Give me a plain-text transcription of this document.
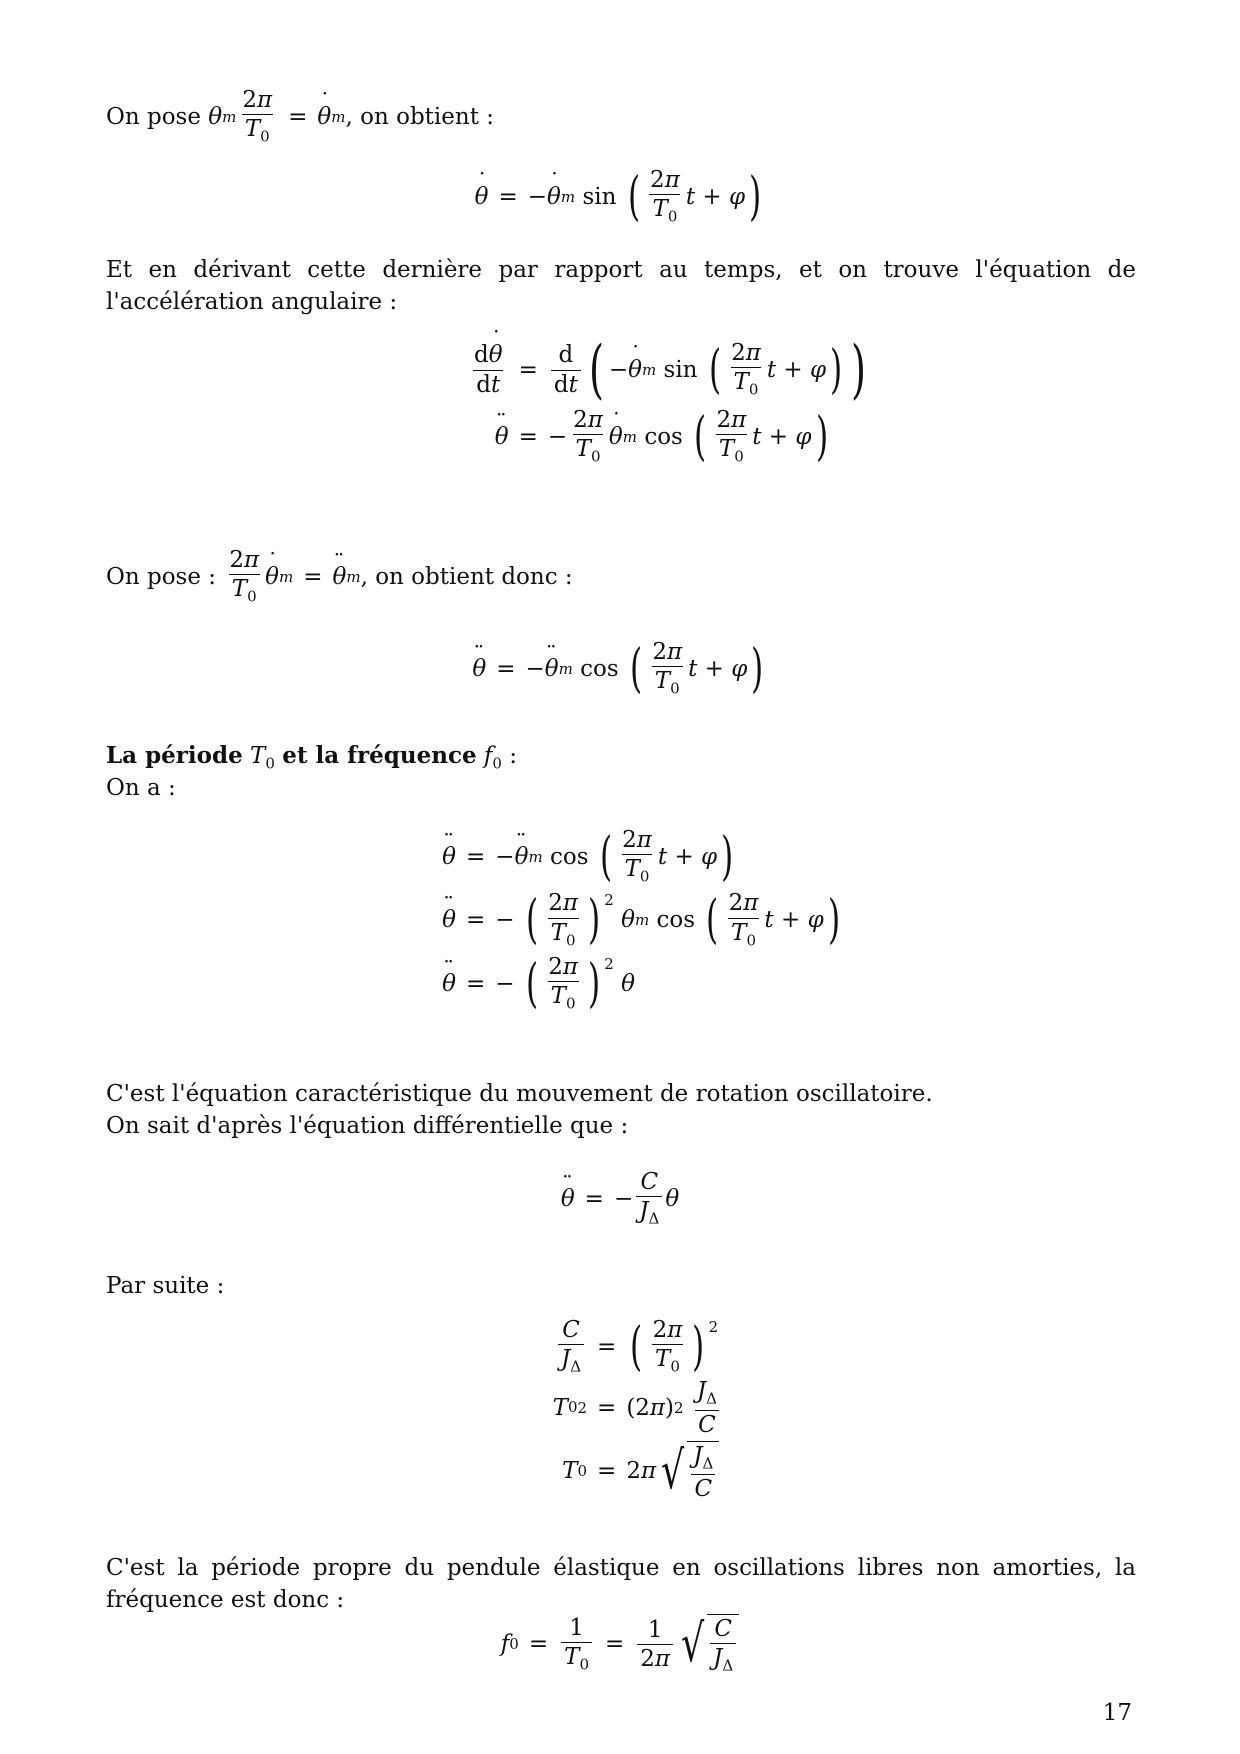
On pose
θ m $\frac{2\pi}{T_0} = \theta$ ˙ m , on obtient :
θ ˙ = − θ ˙ m sin ( $\frac{2\pi}{T_0}$ t + φ )
Et en dérivant cette dernière par rapport au temps, et on trouve l'équation de l'accélération angulaire :
$\frac{d\theta ˙}{dt} = \frac{d}{dt}$ ( − θ ˙ m sin ( $\frac{2\pi}{T_0}$ t + φ ) )
θ ¨ = − $\frac{2\pi}{T_0}$ θ ˙ m cos ( $\frac{2\pi}{T_0}$ t + φ )
On pose :
$\frac{2\pi}{T_0}$ θ ˙ m = θ ¨ m , on obtient donc :
θ ¨ = − θ ¨ m cos ( $\frac{2\pi}{T_0}$ t + φ )
La période $T_0$ et la fréquence $f_0$ :
On a :
θ ¨ = − θ ¨ m cos ( $\frac{2\pi}{T_0}$ t + φ )
θ ¨ = − ( $\frac{2\pi}{T_0}$ ) $^2$

θ m cos ( $\frac{2\pi}{T_0}$ t + φ )
θ ¨ = − ( $\frac{2\pi}{T_0}$ ) $^2$

θ
C'est l'équation caractéristique du mouvement de rotation oscillatoire.
On sait d'après l'équation différentielle que :
θ ¨ = − $\frac{C}{J_\Delta}$ θ
Par suite :
$\frac{C}{J_\Delta}$ = ( $\frac{2\pi}{T_0}$ ) $^2$
T 0 2 = (2 π ) 2
$\frac{J_\Delta}{C}$
T 0 = 2 π √ $\frac{J_\Delta}{C}$
C'est la période propre du pendule élastique en oscillations libres non amorties, la fréquence est donc :
f $0 = \frac{1}{T_0} = \frac{1}{2\pi}$ √ $\frac{C}{J_\Delta}$
17
